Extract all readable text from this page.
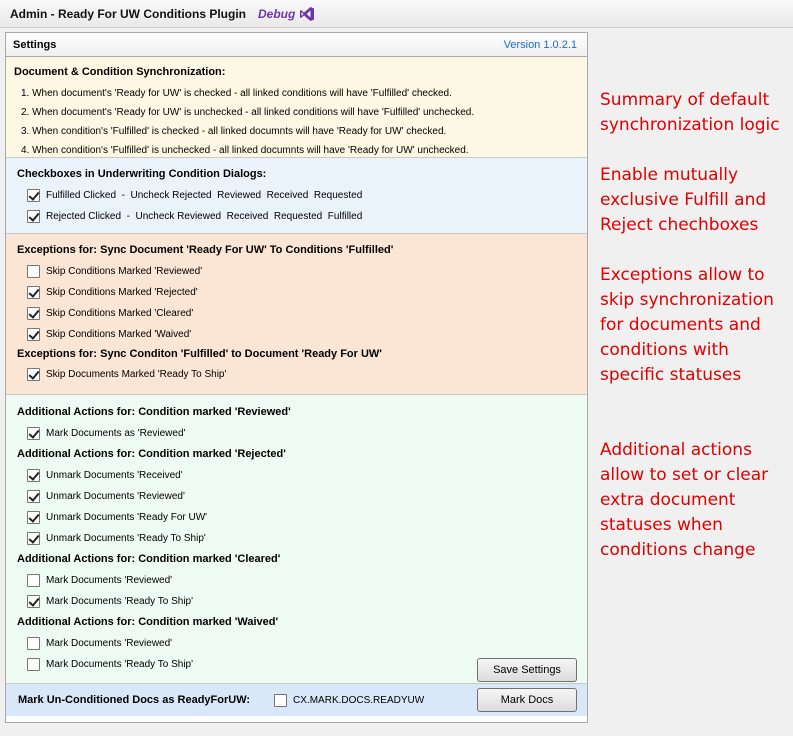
Admin - Ready For UW Conditions Plugin Debug
Settings	Version 1.0.2.1
Document & Condition Synchronization:
1. When document's 'Ready for UW' is checked - all linked conditions will have 'Fulfilled' checked.
2. When document's 'Ready for UW' is unchecked - all linked conditions will have 'Fulfilled' unchecked.
3. When condition's 'Fulfilled' is checked - all linked documnts will have 'Ready for UW' checked.
4. When condition's 'Fulfilled' is unchecked - all linked documnts will have 'Ready for UW' unchecked.
Checkboxes in Underwriting Condition Dialogs:
Fulfilled Clicked  -  Uncheck Rejected  Reviewed  Received  Requested
Rejected Clicked  -  Uncheck Reviewed  Received  Requested  Fulfilled
Exceptions for: Sync Document 'Ready For UW' To Conditions 'Fulfilled'
Skip Conditions Marked 'Reviewed'
Skip Conditions Marked 'Rejected'
Skip Conditions Marked 'Cleared'
Skip Conditions Marked 'Waived'
Exceptions for: Sync Conditon 'Fulfilled' to Document 'Ready For UW'
Skip Documents Marked 'Ready To Ship'
Additional Actions for: Condition marked 'Reviewed'
Mark Documents as 'Reviewed'
Additional Actions for: Condition marked 'Rejected'
Unmark Documents 'Received'
Unmark Documents 'Reviewed'
Unmark Documents 'Ready For UW'
Unmark Documents 'Ready To Ship'
Additional Actions for: Condition marked 'Cleared'
Mark Documents 'Reviewed'
Mark Documents 'Ready To Ship'
Additional Actions for: Condition marked 'Waived'
Mark Documents 'Reviewed'
Mark Documents 'Ready To Ship'	Save Settings
Mark Un-Conditioned Docs as ReadyForUW:	CX.MARK.DOCS.READYUW	Mark Docs
Summary of default
synchronization logic
Enable mutually
exclusive Fulfill and
Reject chechboxes
Exceptions allow to
skip synchronization
for documents and
conditions with
specific statuses
Additional actions
allow to set or clear
extra document
statuses when
conditions change
